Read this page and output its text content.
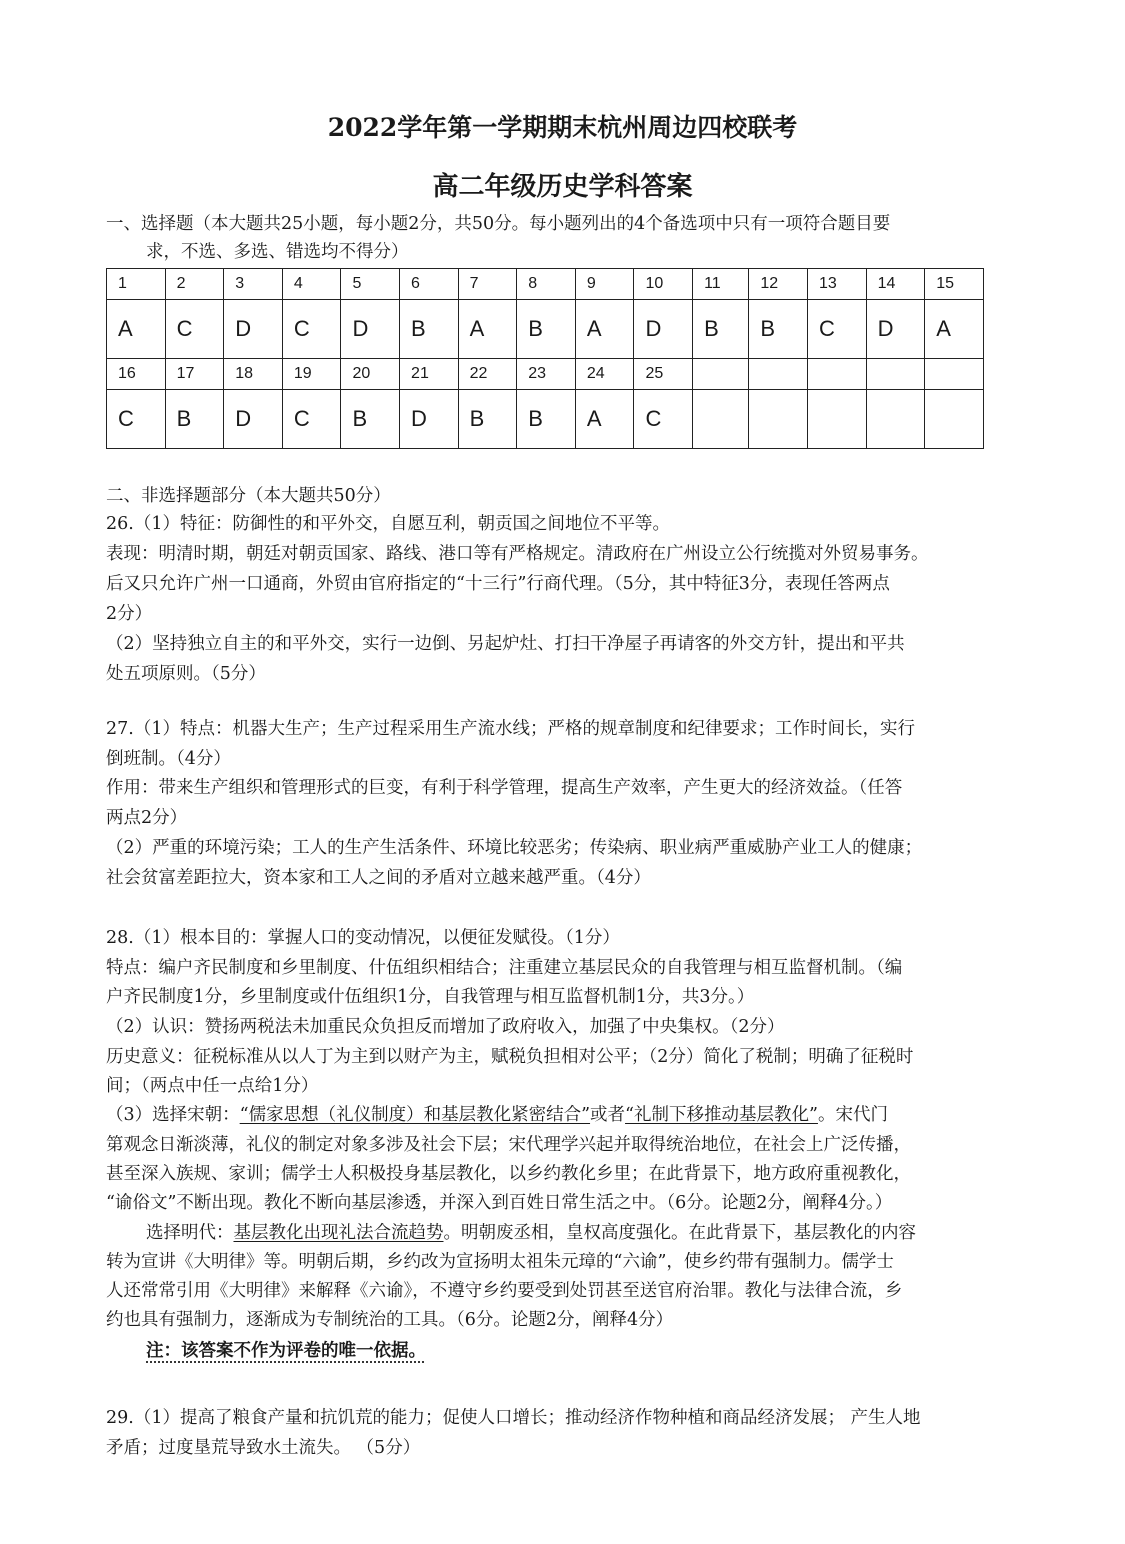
2022学年第一学期期末杭州周边四校联考
高二年级历史学科答案
一、选择题（本大题共25小题，每小题2分，共50分。每小题列出的4个备选项中只有一项符合题目要
求，不选、多选、错选均不得分）
1	2	3	4	5	6	7	8	9	10	11	12	13	14	15
A	C	D	C	D	B	A	B	A	D	B	B	C	D	A
16	17	18	19	20	21	22	23	24	25					
C	B	D	C	B	D	B	B	A	C					
二、非选择题部分（本大题共50分）
26.（1）特征：防御性的和平外交，自愿互利，朝贡国之间地位不平等。
表现：明清时期，朝廷对朝贡国家、路线、港口等有严格规定。清政府在广州设立公行统揽对外贸易事务。
后又只允许广州一口通商，外贸由官府指定的“十三行”行商代理。（5分，其中特征3分，表现任答两点
2分）
（2）坚持独立自主的和平外交，实行一边倒、另起炉灶、打扫干净屋子再请客的外交方针，提出和平共
处五项原则。（5分）
27.（1）特点：机器大生产；生产过程采用生产流水线；严格的规章制度和纪律要求；工作时间长，实行
倒班制。（4分）
作用：带来生产组织和管理形式的巨变，有利于科学管理，提高生产效率，产生更大的经济效益。（任答
两点2分）
（2）严重的环境污染；工人的生产生活条件、环境比较恶劣；传染病、职业病严重威胁产业工人的健康；
社会贫富差距拉大，资本家和工人之间的矛盾对立越来越严重。（4分）
28.（1）根本目的：掌握人口的变动情况，以便征发赋役。（1分）
特点：编户齐民制度和乡里制度、什伍组织相结合；注重建立基层民众的自我管理与相互监督机制。（编
户齐民制度1分，乡里制度或什伍组织1分，自我管理与相互监督机制1分，共3分。）
（2）认识：赞扬两税法未加重民众负担反而增加了政府收入，加强了中央集权。（2分）
历史意义：征税标准从以人丁为主到以财产为主，赋税负担相对公平；（2分）简化了税制；明确了征税时
间；（两点中任一点给1分）
（3）选择宋朝：“儒家思想（礼仪制度）和基层教化紧密结合”或者“礼制下移推动基层教化”。宋代门
第观念日渐淡薄，礼仪的制定对象多涉及社会下层；宋代理学兴起并取得统治地位，在社会上广泛传播，
甚至深入族规、家训；儒学士人积极投身基层教化，以乡约教化乡里；在此背景下，地方政府重视教化，
“谕俗文”不断出现。教化不断向基层渗透，并深入到百姓日常生活之中。（6分。论题2分，阐释4分。）
选择明代：基层教化出现礼法合流趋势。明朝废丞相，皇权高度强化。在此背景下，基层教化的内容
转为宣讲《大明律》等。明朝后期，乡约改为宣扬明太祖朱元璋的“六谕”，使乡约带有强制力。儒学士
人还常常引用《大明律》来解释《六谕》，不遵守乡约要受到处罚甚至送官府治罪。教化与法律合流，乡
约也具有强制力，逐渐成为专制统治的工具。（6分。论题2分，阐释4分）
注：该答案不作为评卷的唯一依据。
29.（1）提高了粮食产量和抗饥荒的能力；促使人口增长；推动经济作物种植和商品经济发展； 产生人地
矛盾；过度垦荒导致水土流失。 （5分）
